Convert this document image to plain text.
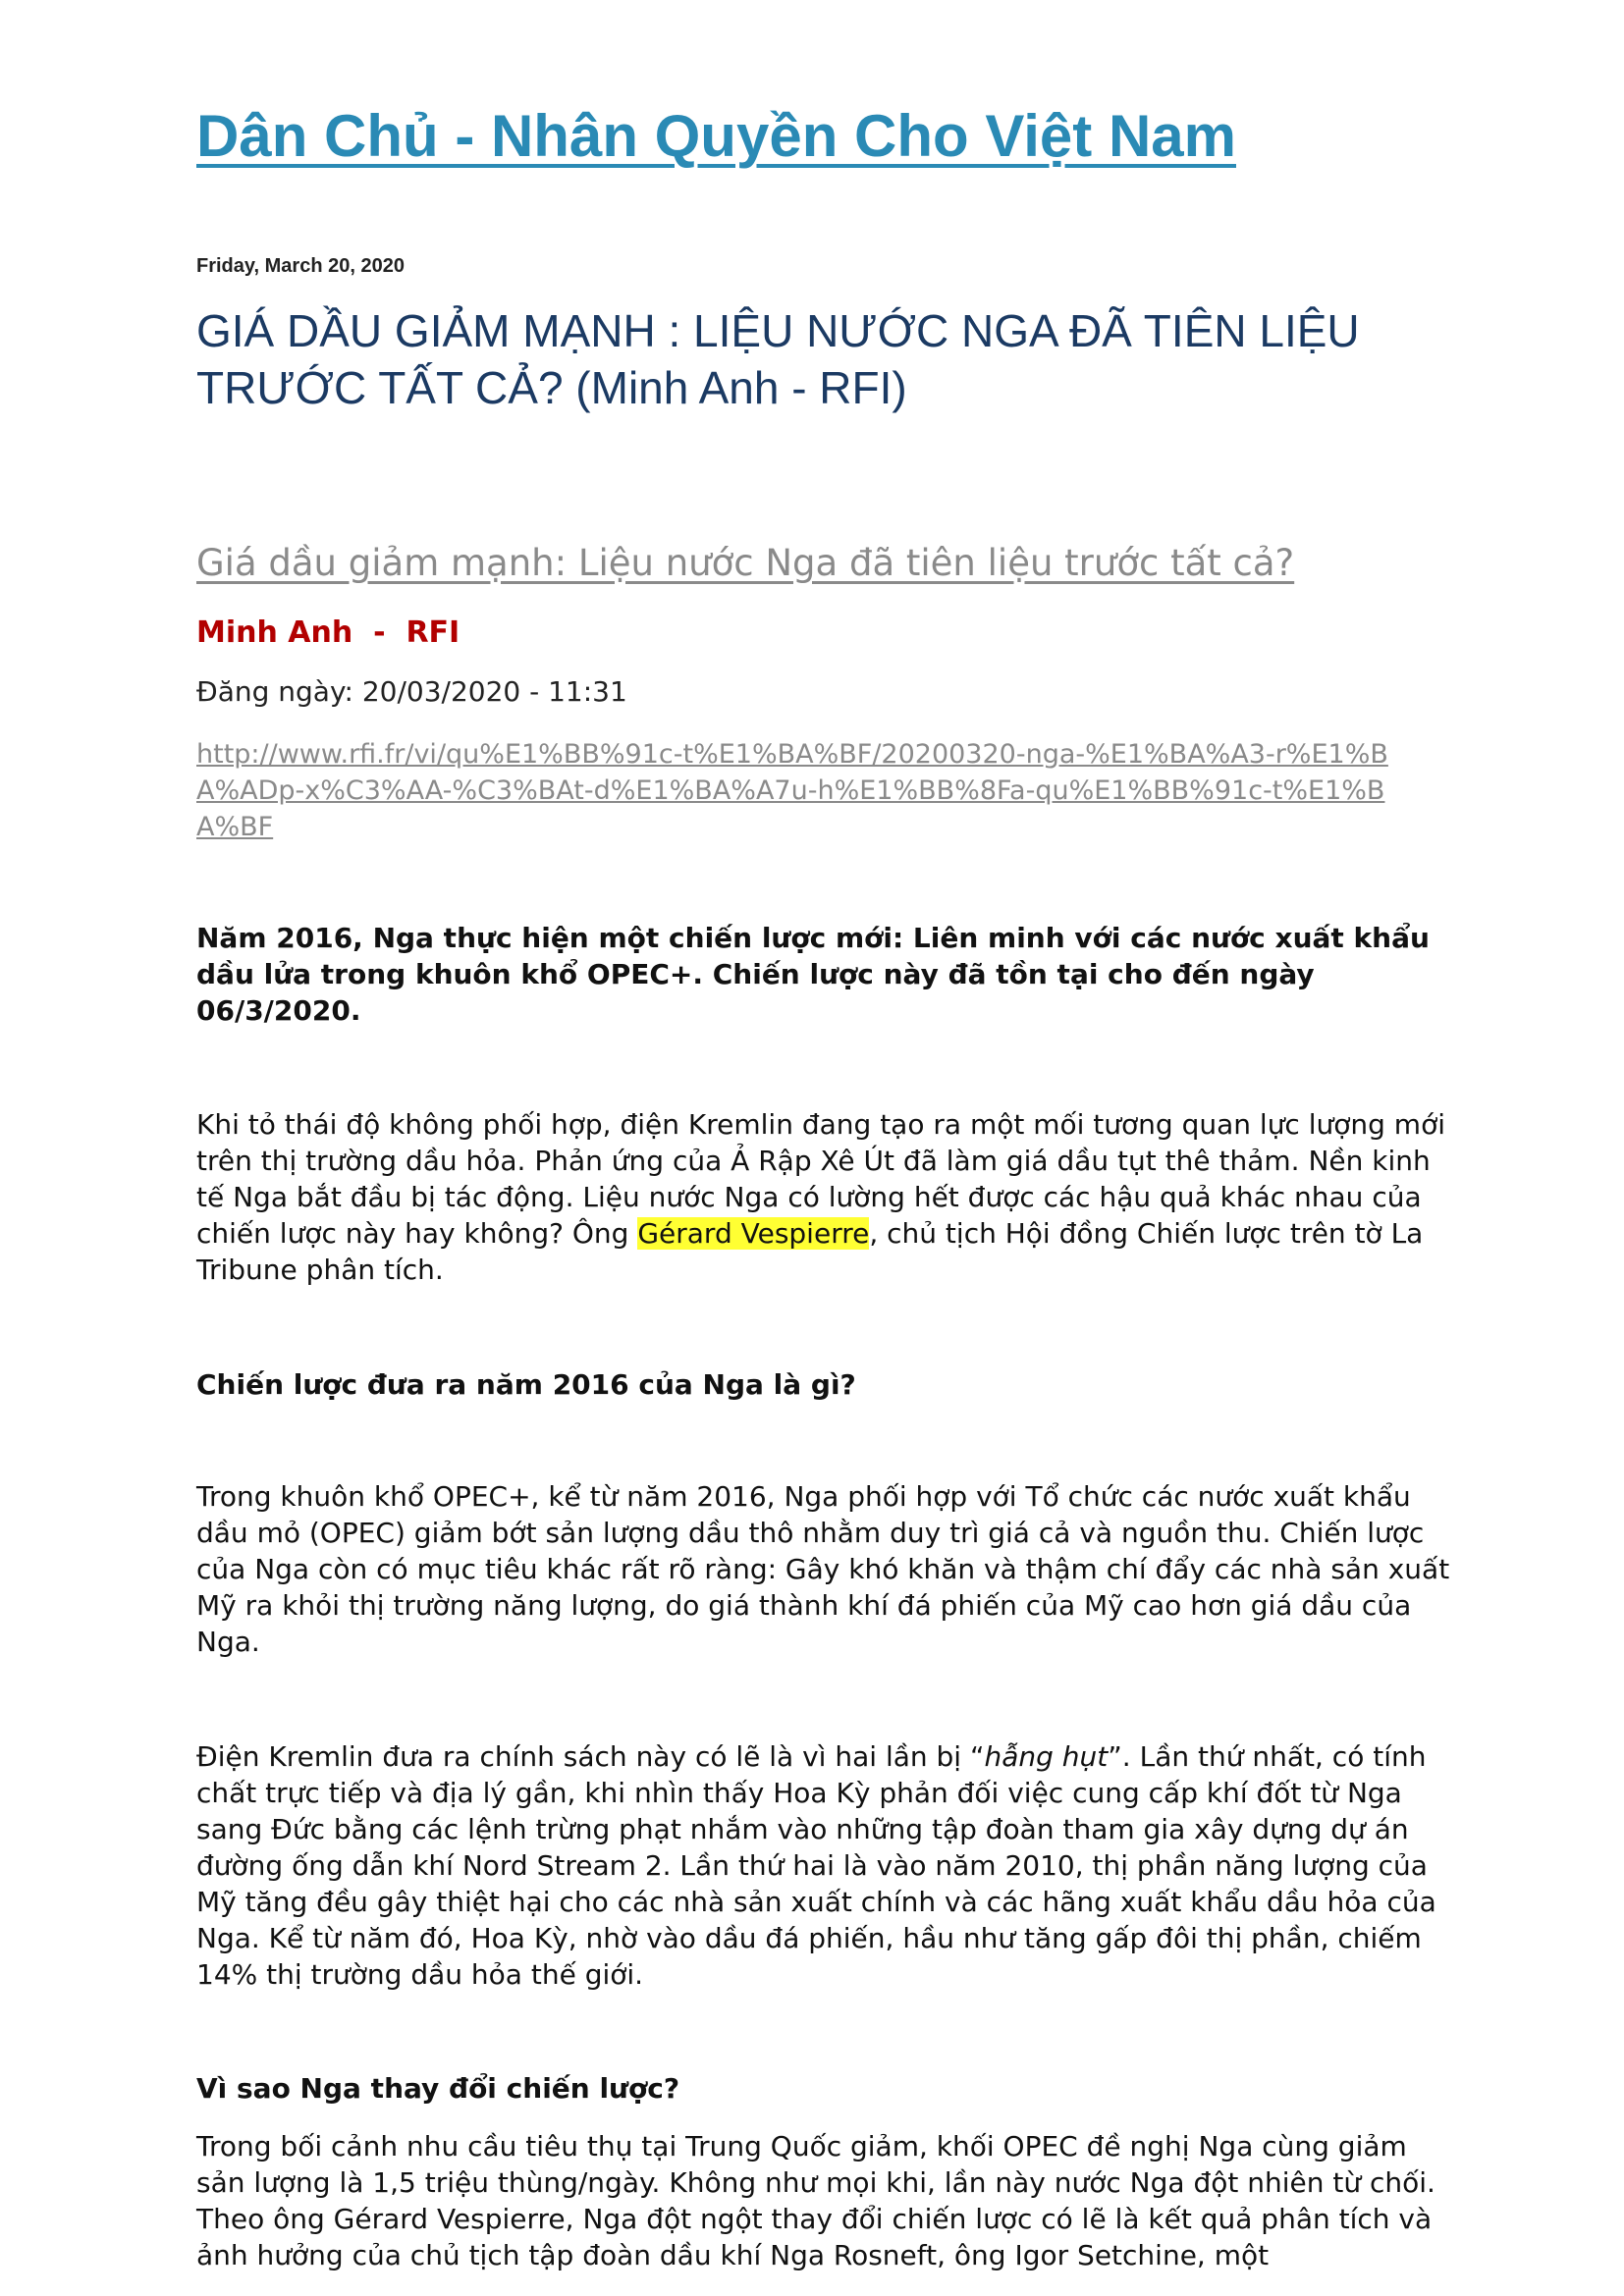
Dân Chủ - Nhân Quyền Cho Việt Nam
Friday, March 20, 2020
GIÁ DẦU GIẢM MẠNH : LIỆU NƯỚC NGA ĐÃ TIÊN LIỆU TRƯỚC TẤT CẢ? (Minh Anh - RFI)
Giá dầu giảm mạnh: Liệu nước Nga đã tiên liệu trước tất cả?
Minh Anh  -  RFI
Đăng ngày: 20/03/2020 - 11:31
http://www.rfi.fr/vi/qu%E1%BB%91c-t%E1%BA%BF/20200320-nga-%E1%BA%A3-r%E1%BA%ADp-x%C3%AA-%C3%BAt-d%E1%BA%A7u-h%E1%BB%8Fa-qu%E1%BB%91c-t%E1%BA%BF
Năm 2016, Nga thực hiện một chiến lược mới: Liên minh với các nước xuất khẩu dầu lửa trong khuôn khổ OPEC+. Chiến lược này đã tồn tại cho đến ngày 06/3/2020.
Khi tỏ thái độ không phối hợp, điện Kremlin đang tạo ra một mối tương quan lực lượng mới trên thị trường dầu hỏa. Phản ứng của Ả Rập Xê Út đã làm giá dầu tụt thê thảm. Nền kinh tế Nga bắt đầu bị tác động. Liệu nước Nga có lường hết được các hậu quả khác nhau của chiến lược này hay không? Ông Gérard Vespierre, chủ tịch Hội đồng Chiến lược trên tờ La Tribune phân tích.
Chiến lược đưa ra năm 2016 của Nga là gì?
Trong khuôn khổ OPEC+, kể từ năm 2016, Nga phối hợp với Tổ chức các nước xuất khẩu dầu mỏ (OPEC) giảm bớt sản lượng dầu thô nhằm duy trì giá cả và nguồn thu. Chiến lược của Nga còn có mục tiêu khác rất rõ ràng: Gây khó khăn và thậm chí đẩy các nhà sản xuất Mỹ ra khỏi thị trường năng lượng, do giá thành khí đá phiến của Mỹ cao hơn giá dầu của Nga.
Điện Kremlin đưa ra chính sách này có lẽ là vì hai lần bị “hẫng hụt”. Lần thứ nhất, có tính chất trực tiếp và địa lý gần, khi nhìn thấy Hoa Kỳ phản đối việc cung cấp khí đốt từ Nga sang Đức bằng các lệnh trừng phạt nhắm vào những tập đoàn tham gia xây dựng dự án đường ống dẫn khí Nord Stream 2. Lần thứ hai là vào năm 2010, thị phần năng lượng của Mỹ tăng đều gây thiệt hại cho các nhà sản xuất chính và các hãng xuất khẩu dầu hỏa của Nga. Kể từ năm đó, Hoa Kỳ, nhờ vào dầu đá phiến, hầu như tăng gấp đôi thị phần, chiếm 14% thị trường dầu hỏa thế giới.
Vì sao Nga thay đổi chiến lược?
Trong bối cảnh nhu cầu tiêu thụ tại Trung Quốc giảm, khối OPEC đề nghị Nga cùng giảm sản lượng là 1,5 triệu thùng/ngày. Không như mọi khi, lần này nước Nga đột nhiên từ chối. Theo ông Gérard Vespierre, Nga đột ngột thay đổi chiến lược có lẽ là kết quả phân tích và ảnh hưởng của chủ tịch tập đoàn dầu khí Nga Rosneft, ông Igor Setchine, một
